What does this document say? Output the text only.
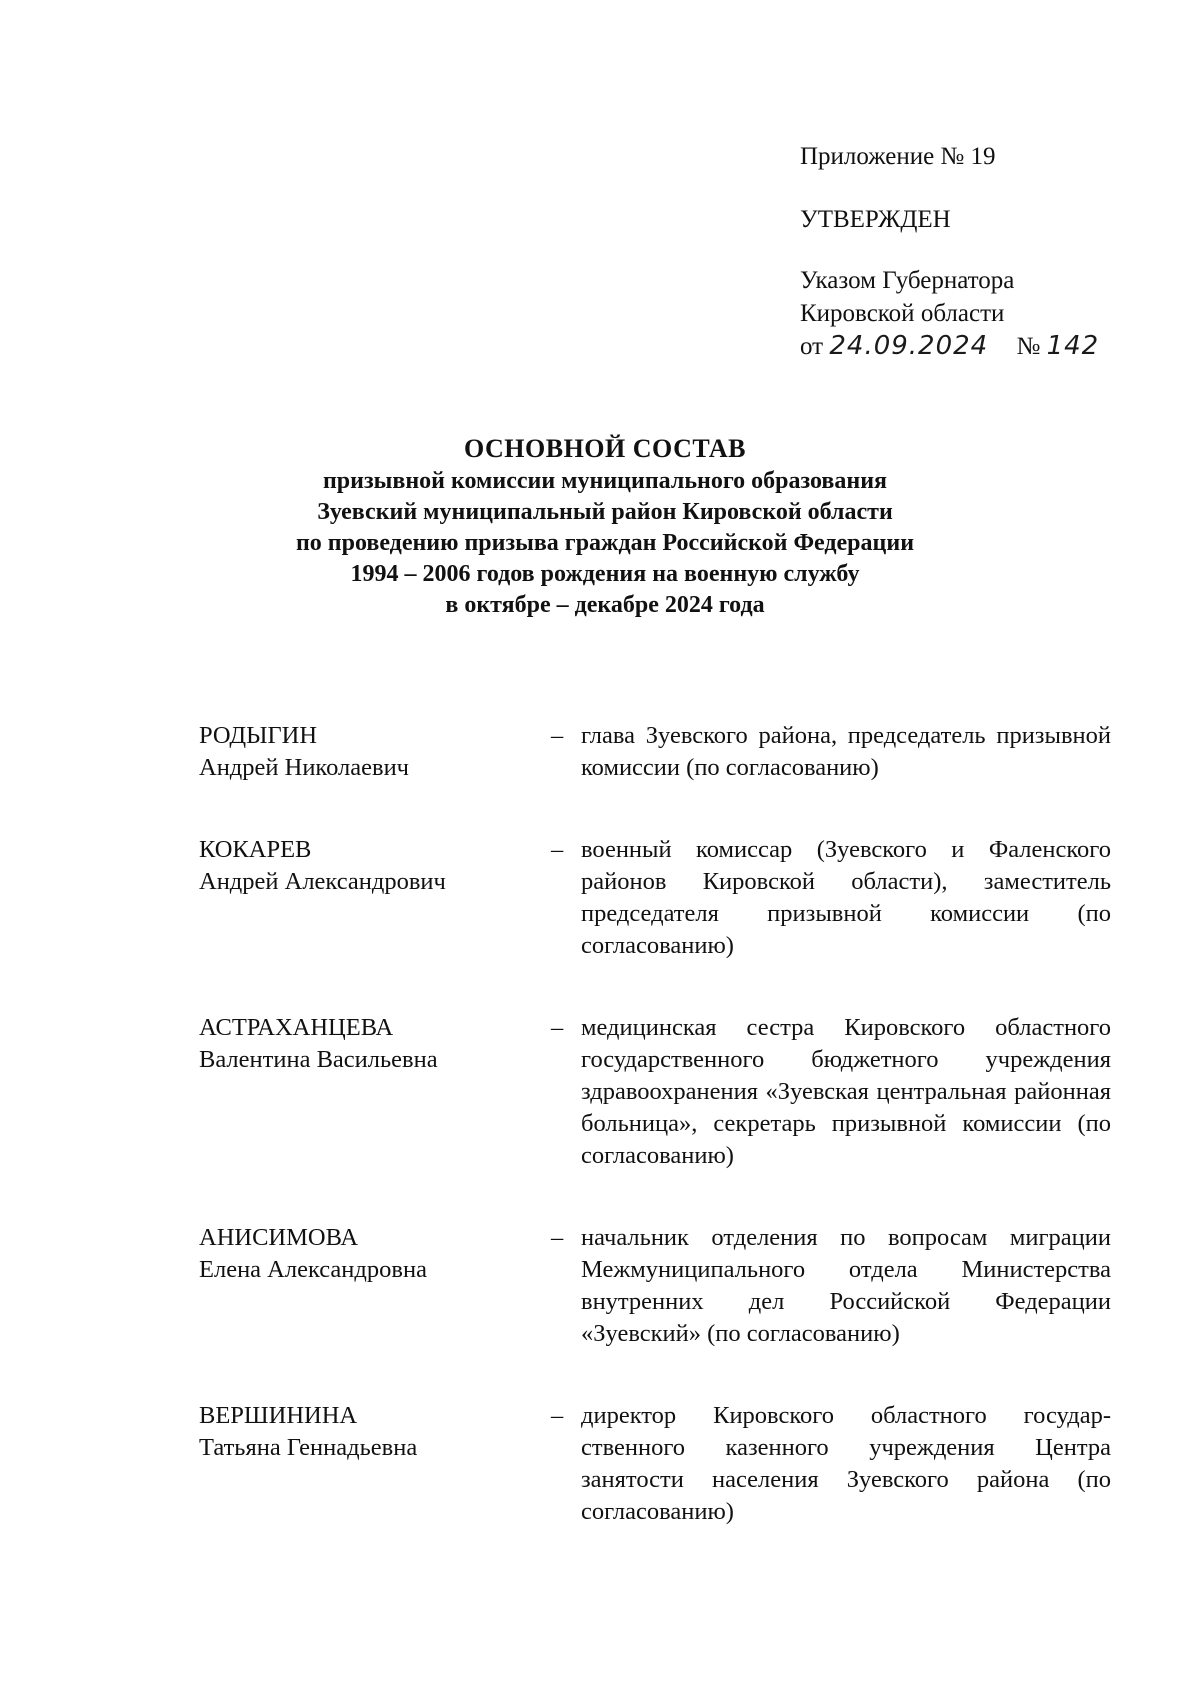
Приложение № 19
УТВЕРЖДЕН
Указом Губернатора
Кировской области
от 24.09.2024 № 142
ОСНОВНОЙ СОСТАВ
призывной комиссии муниципального образования
Зуевский муниципальный район Кировской области
по проведению призыва граждан Российской Федерации
1994 – 2006 годов рождения на военную службу
в октябре – декабре 2024 года
РОДЫГИН
Андрей Николаевич
– глава Зуевского района, председатель призывной комиссии (по согласованию)
КОКАРЕВ
Андрей Александрович
– военный комиссар (Зуевского и Фаленского районов Кировской области), заместитель председателя призывной комиссии (по согласованию)
АСТРАХАНЦЕВА
Валентина Васильевна
– медицинская сестра Кировского областного государственного бюджетного учреждения здравоохранения «Зуевская центральная районная больница», секретарь призывной комиссии (по согласованию)
АНИСИМОВА
Елена Александровна
– начальник отделения по вопросам миграции Межмуниципального отдела Министерства внутренних дел Российской Федерации «Зуевский» (по согласованию)
ВЕРШИНИНА
Татьяна Геннадьевна
– директор Кировского областного государственного казенного учреждения Центра занятости населения Зуевского района (по согласованию)
